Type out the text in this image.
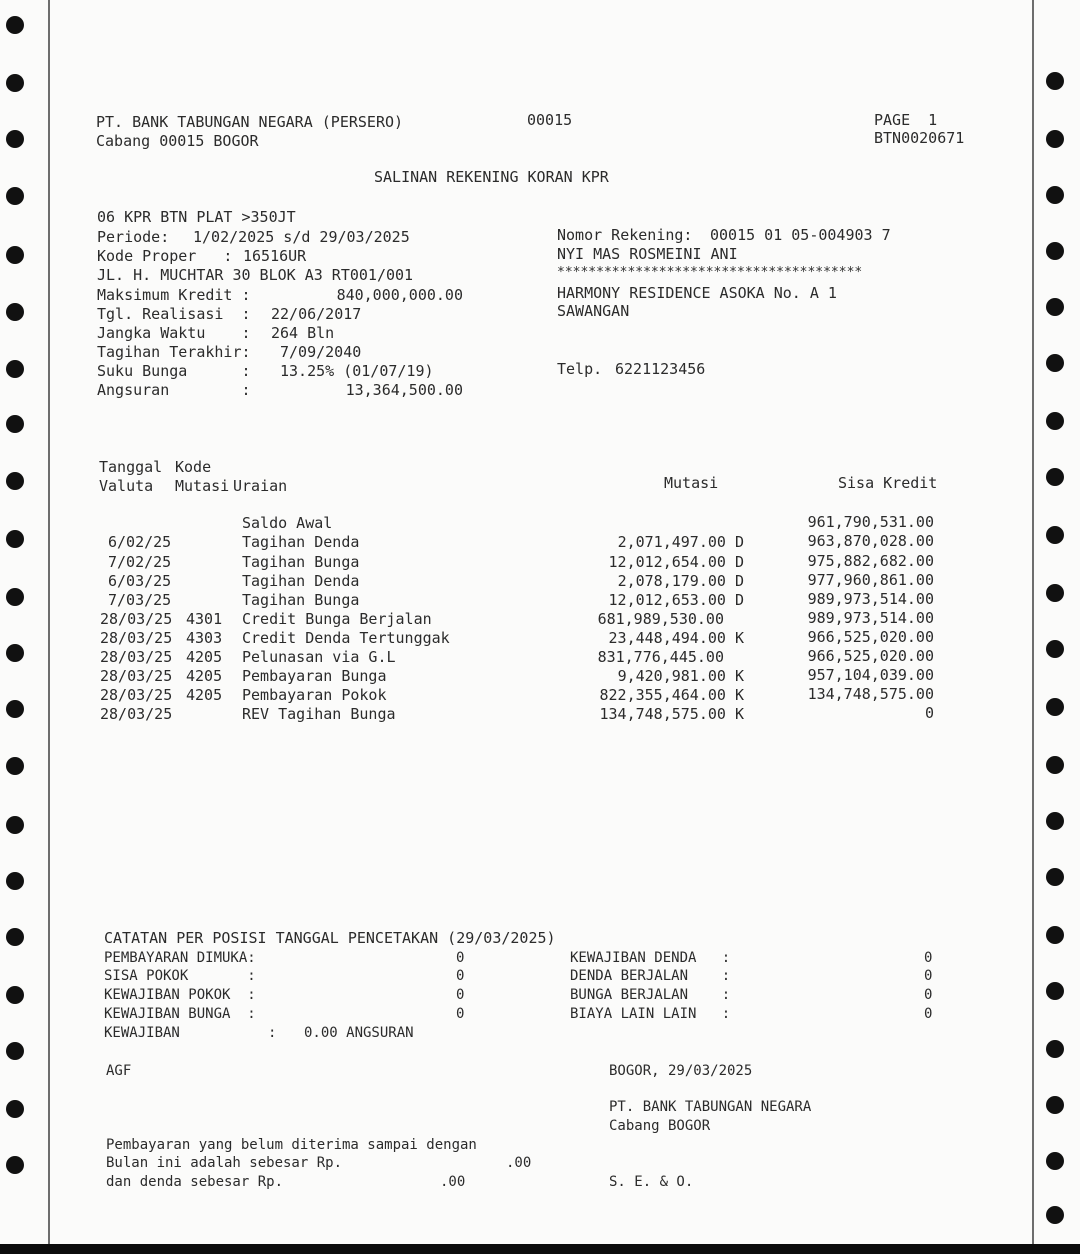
PT. BANK TABUNGAN NEGARA (PERSERO)	00015	PAGE  1
Cabang 00015 BOGOR	BTN0020671
SALINAN REKENING KORAN KPR
06 KPR BTN PLAT >350JT
Periode: 1/02/2025 s/d 29/03/2025
Kode Proper   : 16516UR
JL. H. MUCHTAR 30 BLOK A3 RT001/001
Maksimum Kredit :	840,000,000.00
Tgl. Realisasi  : 22/06/2017
Jangka Waktu    : 264 Bln
Tagihan Terakhir: 7/09/2040
Suku Bunga      : 13.25% (01/07/19)
Angsuran        :	13,364,500.00
Nomor Rekening: 00015 01 05-004903 7
NYI MAS ROSMEINI ANI
***************************************
HARMONY RESIDENCE ASOKA No. A 1
SAWANGAN
Telp. 6221123456
Tanggal Kode
Valuta Mutasi Uraian	Mutasi	Sisa Kredit
Saldo Awal	961,790,531.00
6/02/25	Tagihan Denda	2,071,497.00 D	963,870,028.00
7/02/25	Tagihan Bunga	12,012,654.00 D	975,882,682.00
6/03/25	Tagihan Denda	2,078,179.00 D	977,960,861.00
7/03/25	Tagihan Bunga	12,012,653.00 D	989,973,514.00
28/03/25 4301 Credit Bunga Berjalan	681,989,530.00	989,973,514.00
28/03/25 4303 Credit Denda Tertunggak	23,448,494.00 K	966,525,020.00
28/03/25 4205 Pelunasan via G.L	831,776,445.00	966,525,020.00
28/03/25 4205 Pembayaran Bunga	9,420,981.00 K	957,104,039.00
28/03/25 4205 Pembayaran Pokok	822,355,464.00 K	134,748,575.00
28/03/25	REV Tagihan Bunga	134,748,575.00 K	0
CATATAN PER POSISI TANGGAL PENCETAKAN (29/03/2025)
PEMBAYARAN DIMUKA:	0
SISA POKOK       :	0
KEWAJIBAN POKOK  :	0
KEWAJIBAN BUNGA  :	0
KEWAJIBAN DENDA   :	0
DENDA BERJALAN    :	0
BUNGA BERJALAN    :	0
BIAYA LAIN LAIN   :	0
KEWAJIBAN	: 0.00 ANGSURAN
AGF	BOGOR, 29/03/2025
PT. BANK TABUNGAN NEGARA
Cabang BOGOR
Pembayaran yang belum diterima sampai dengan
Bulan ini adalah sebesar Rp.	.00
dan denda sebesar Rp.	.00	S. E. & O.
